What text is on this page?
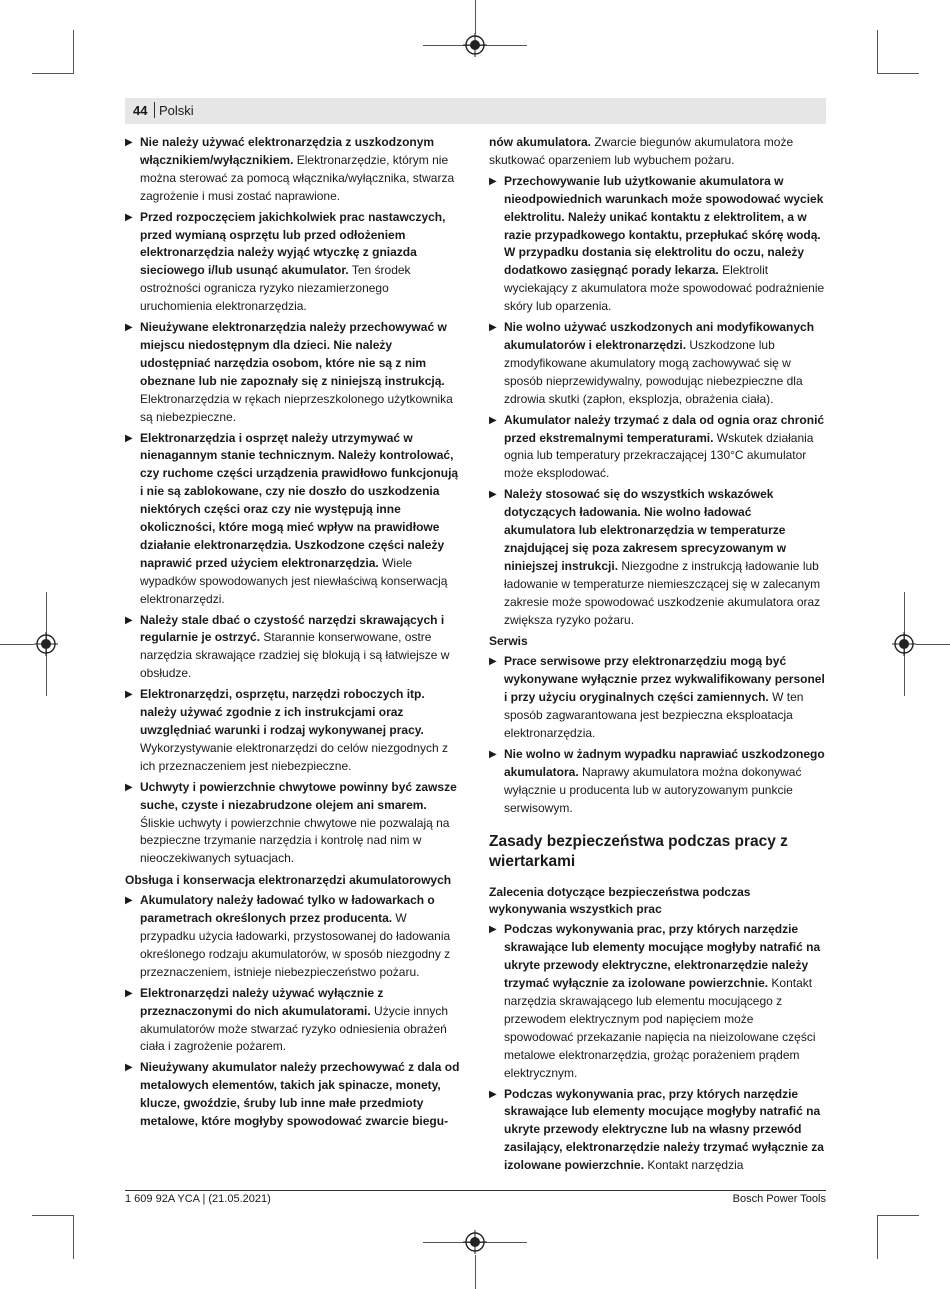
44 Polski
▶ Nie należy używać elektronarzędzia z uszkodzonym włącznikiem/wyłącznikiem. Elektronarzędzie, którym nie można sterować za pomocą włącznika/wyłącznika, stwarza zagrożenie i musi zostać naprawione.
▶ Przed rozpoczęciem jakichkolwiek prac nastawczych, przed wymianą osprzętu lub przed odłożeniem elektronarzędzia należy wyjąć wtyczkę z gniazda sieciowego i/lub usunąć akumulator. Ten środek ostrożności ogranicza ryzyko niezamierzonego uruchomienia elektronarzędzia.
▶ Nieużywane elektronarzędzia należy przechowywać w miejscu niedostępnym dla dzieci. Nie należy udostępniać narzędzia osobom, które nie są z nim obeznane lub nie zapoznały się z niniejszą instrukcją. Elektronarzędzia w rękach nieprzeszkolonego użytkownika są niebezpieczne.
▶ Elektronarzędzia i osprzęt należy utrzymywać w nienagannym stanie technicznym. Należy kontrolować, czy ruchome części urządzenia prawidłowo funkcjonują i nie są zablokowane, czy nie doszło do uszkodzenia niektórych części oraz czy nie występują inne okoliczności, które mogą mieć wpływ na prawidłowe działanie elektronarzędzia. Uszkodzone części należy naprawić przed użyciem elektronarzędzia. Wiele wypadków spowodowanych jest niewłaściwą konserwacją elektronarzędzi.
▶ Należy stale dbać o czystość narzędzi skrawających i regularnie je ostrzyć. Starannie konserwowane, ostre narzędzia skrawające rzadziej się blokują i są łatwiejsze w obsłudze.
▶ Elektronarzędzi, osprzętu, narzędzi roboczych itp. należy używać zgodnie z ich instrukcjami oraz uwzględniać warunki i rodzaj wykonywanej pracy. Wykorzystywanie elektronarzędzi do celów niezgodnych z ich przeznaczeniem jest niebezpieczne.
▶ Uchwyty i powierzchnie chwytowe powinny być zawsze suche, czyste i niezabrudzone olejem ani smarem. Śliskie uchwyty i powierzchnie chwytowe nie pozwalają na bezpieczne trzymanie narzędzia i kontrolę nad nim w nieoczekiwanych sytuacjach.
Obsługa i konserwacja elektronarzędzi akumulatorowych
▶ Akumulatory należy ładować tylko w ładowarkach o parametrach określonych przez producenta. W przypadku użycia ładowarki, przystosowanej do ładowania określonego rodzaju akumulatorów, w sposób niezgodny z przeznaczeniem, istnieje niebezpieczeństwo pożaru.
▶ Elektronarzędzi należy używać wyłącznie z przeznaczonymi do nich akumulatorami. Użycie innych akumulatorów może stwarzać ryzyko odniesienia obrażeń ciała i zagrożenie pożarem.
▶ Nieużywany akumulator należy przechowywać z dala od metalowych elementów, takich jak spinacze, monety, klucze, gwoździe, śruby lub inne małe przedmioty metalowe, które mogłyby spowodować zwarcie biegu-
nów akumulatora. Zwarcie biegunów akumulatora może skutkować oparzeniem lub wybuchem pożaru.
▶ Przechowywanie lub użytkowanie akumulatora w nieodpowiednich warunkach może spowodować wyciek elektrolitu. Należy unikać kontaktu z elektrolitem, a w razie przypadkowego kontaktu, przepłukać skórę wodą. W przypadku dostania się elektrolitu do oczu, należy dodatkowo zasięgnąć porady lekarza. Elektrolit wyciekający z akumulatora może spowodować podrażnienie skóry lub oparzenia.
▶ Nie wolno używać uszkodzonych ani modyfikowanych akumulatorów i elektronarzędzi. Uszkodzone lub zmodyfikowane akumulatory mogą zachowywać się w sposób nieprzewidywalny, powodując niebezpieczne dla zdrowia skutki (zapłon, eksplozja, obrażenia ciała).
▶ Akumulator należy trzymać z dala od ognia oraz chronić przed ekstremalnymi temperaturami. Wskutek działania ognia lub temperatury przekraczającej 130°C akumulator może eksplodować.
▶ Należy stosować się do wszystkich wskazówek dotyczących ładowania. Nie wolno ładować akumulatora lub elektronarzędzia w temperaturze znajdującej się poza zakresem sprecyzowanym w niniejszej instrukcji. Niezgodne z instrukcją ładowanie lub ładowanie w temperaturze niemieszczącej się w zalecanym zakresie może spowodować uszkodzenie akumulatora oraz zwiększa ryzyko pożaru.
Serwis
▶ Prace serwisowe przy elektronarzędziu mogą być wykonywane wyłącznie przez wykwalifikowany personel i przy użyciu oryginalnych części zamiennych. W ten sposób zagwarantowana jest bezpieczna eksploatacja elektronarzędzia.
▶ Nie wolno w żadnym wypadku naprawiać uszkodzonego akumulatora. Naprawy akumulatora można dokonywać wyłącznie u producenta lub w autoryzowanym punkcie serwisowym.
Zasady bezpieczeństwa podczas pracy z wiertarkami
Zalecenia dotyczące bezpieczeństwa podczas wykonywania wszystkich prac
▶ Podczas wykonywania prac, przy których narzędzie skrawające lub elementy mocujące mogłyby natrafić na ukryte przewody elektryczne, elektronarzędzie należy trzymać wyłącznie za izolowane powierzchnie. Kontakt narzędzia skrawającego lub elementu mocującego z przewodem elektrycznym pod napięciem może spowodować przekazanie napięcia na nieizolowane części metalowe elektronarzędzia, grożąc porażeniem prądem elektrycznym.
▶ Podczas wykonywania prac, przy których narzędzie skrawające lub elementy mocujące mogłyby natrafić na ukryte przewody elektryczne lub na własny przewód zasilający, elektronarzędzie należy trzymać wyłącznie za izolowane powierzchnie. Kontakt narzędzia
1 609 92A YCA | (21.05.2021)	Bosch Power Tools
